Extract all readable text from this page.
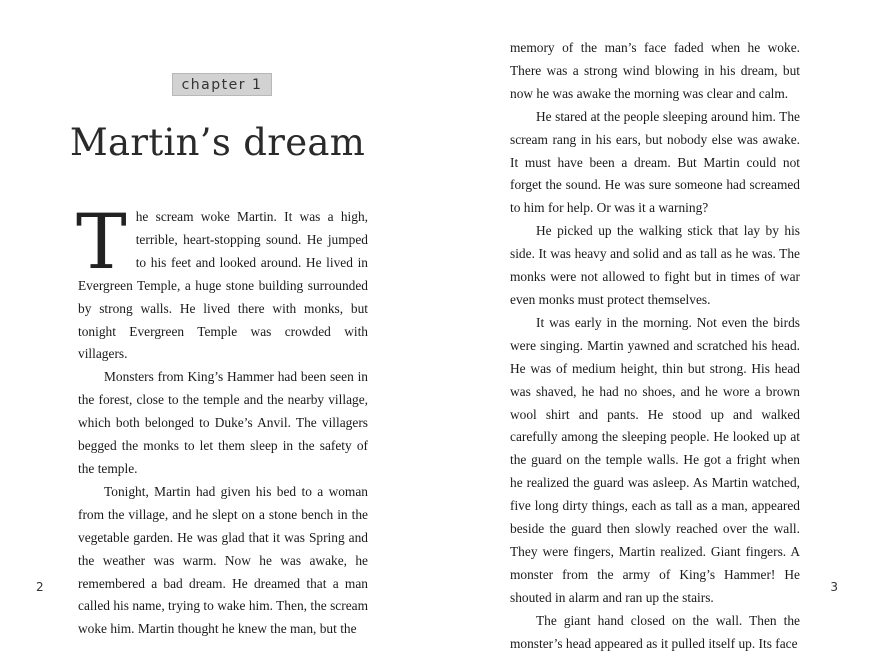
chapter 1
Martin’s dream

The scream woke Martin. It was a high, terrible, heart-stopping sound. He jumped to his feet and looked around. He lived in Evergreen Temple, a huge stone building surrounded by strong walls. He lived there with monks, but tonight Evergreen Temple was crowded with villagers.

Monsters from King’s Hammer had been seen in the forest, close to the temple and the nearby village, which both belonged to Duke’s Anvil. The villagers begged the monks to let them sleep in the safety of the temple.

Tonight, Martin had given his bed to a woman from the village, and he slept on a stone bench in the vegetable garden. He was glad that it was Spring and the weather was warm. Now he was awake, he remembered a bad dream. He dreamed that a man called his name, trying to wake him. Then, the scream woke him. Martin thought he knew the man, but the

2

memory of the man’s face faded when he woke. There was a strong wind blowing in his dream, but now he was awake the morning was clear and calm.

He stared at the people sleeping around him. The scream rang in his ears, but nobody else was awake. It must have been a dream. But Martin could not forget the sound. He was sure someone had screamed to him for help. Or was it a warning?

He picked up the walking stick that lay by his side. It was heavy and solid and as tall as he was. The monks were not allowed to fight but in times of war even monks must protect themselves.

It was early in the morning. Not even the birds were singing. Martin yawned and scratched his head. He was of medium height, thin but strong. His head was shaved, he had no shoes, and he wore a brown wool shirt and pants. He stood up and walked carefully among the sleeping people. He looked up at the guard on the temple walls. He got a fright when he realized the guard was asleep. As Martin watched, five long dirty things, each as tall as a man, appeared beside the guard then slowly reached over the wall. They were fingers, Martin realized. Giant fingers. A monster from the army of King’s Hammer! He shouted in alarm and ran up the stairs.

The giant hand closed on the wall. Then the monster’s head appeared as it pulled itself up. Its face

3
